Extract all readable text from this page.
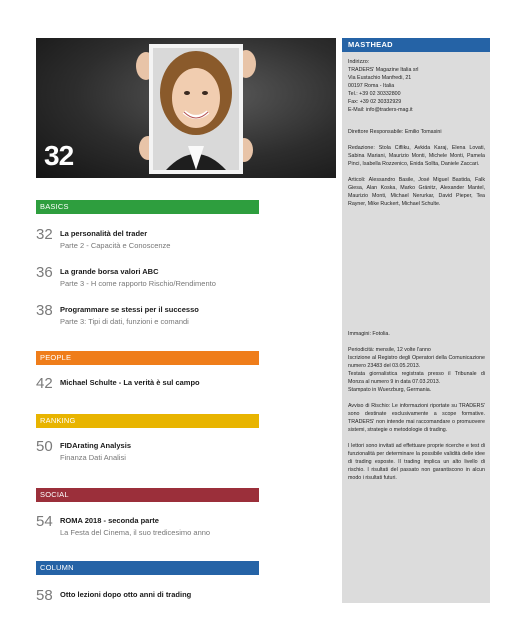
32
BASICS
32 La personalità del trader
Parte 2 - Capacità e Conoscenze
36 La grande borsa valori ABC
Parte 3 - H come rapporto Rischio/Rendimento
38 Programmare se stessi per il successo
Parte 3: Tipi di dati, funzioni e comandi
PEOPLE
42 Michael Schulte - La verità è sul campo
RANKING
50 FIDArating Analysis
Finanza Dati Analisi
SOCIAL
54 ROMA 2018 - seconda parte
La Festa del Cinema, il suo tredicesimo anno
COLUMN
58 Otto lezioni dopo otto anni di trading
MASTHEAD

Indirizzo:

TRADERS' Magazine Italia srl

Via Eustachio Manfredi, 21

00197 Roma - Italia

Tel.: +39 02 30332800

Fax: +39 02 30332929

E-Mail: info@traders-mag.it

Direttore Responsabile: Emilio Tomasini

Redazione: Stola Cifliku, Avkida Karaj, Elena Lovati, Sabina Mariani, Maurizio Monti, Michele Monti, Pamela Pinci, Isabella Rozzenico, Enida Sollta, Daniele Zaccari.

Articoli: Alessandro Basile, José Miguel Bastida, Falk Giesa, Alan Koska, Marko Gränitz, Alexander Mantel, Maurizio Monti, Michael Nerurkar, David Pieper, Tea Rayner, Mike Ruckert, Michael Schulte.

Immagini: Fotolia.

Periodicità: mensile, 12 volte l'anno

Iscrizione al Registro degli Operatori della Comunicazione numero 23483 del 03.05.2013.

Testata giornalistica registrata presso il Tribunale di Monza al numero 9 in data 07.03.2013.

Stampato in Wuerzburg, Germania.

Avviso di Rischio: Le informazioni riportate su TRADERS' sono destinate esclusivamente a scope formative. TRADERS' non intende mai raccomandare o promuovere sistemi, strategie o metodologie di trading.

I lettori sono invitati ad effettuare proprie ricerche e test di funzionalità per determinare la possibile validità delle idee di trading esposte. Il trading implica un alto livello di rischio. I risultati del passato non garantiscono in alcun modo i risultati futuri.
